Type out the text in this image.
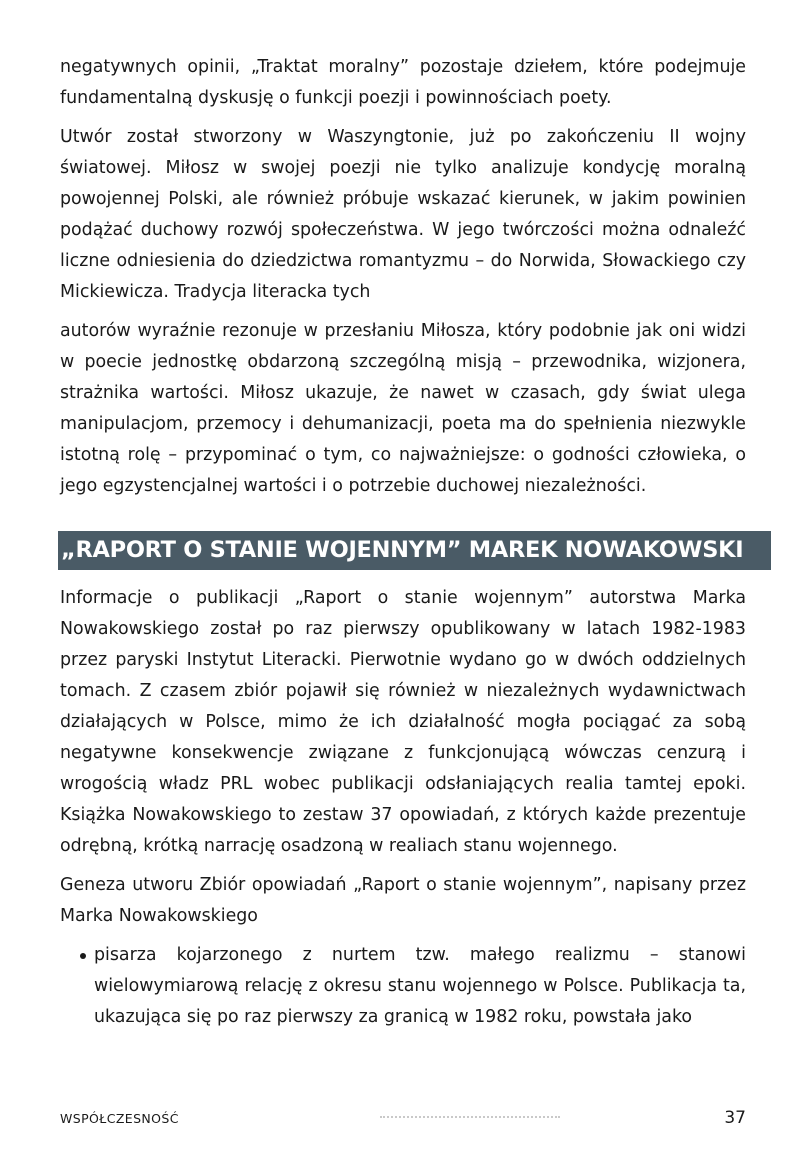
negatywnych opinii, „Traktat moralny” pozostaje dziełem, które podejmuje fundamentalną dyskusję o funkcji poezji i powinnościach poety.

Utwór został stworzony w Waszyngtonie, już po zakończeniu II wojny światowej. Miłosz w swojej poezji nie tylko analizuje kondycję moralną powojennej Polski, ale również próbuje wskazać kierunek, w jakim powinien podążać duchowy rozwój społeczeństwa. W jego twórczości można odnaleźć liczne odniesienia do dziedzictwa romantyzmu – do Norwida, Słowackiego czy Mickiewicza. Tradycja literacka tych

autorów wyraźnie rezonuje w przesłaniu Miłosza, który podobnie jak oni widzi w poecie jednostkę obdarzoną szczególną misją – przewodnika, wizjonera, strażnika wartości. Miłosz ukazuje, że nawet w czasach, gdy świat ulega manipulacjom, przemocy i dehumanizacji, poeta ma do spełnienia niezwykle istotną rolę – przypominać o tym, co najważniejsze: o godności człowieka, o jego egzystencjalnej wartości i o potrzebie duchowej niezależności.

„RAPORT O STANIE WOJENNYM” MAREK NOWAKOWSKI

Informacje o publikacji „Raport o stanie wojennym” autorstwa Marka Nowakowskiego został po raz pierwszy opublikowany w latach 1982-1983 przez paryski Instytut Literacki. Pierwotnie wydano go w dwóch oddzielnych tomach. Z czasem zbiór pojawił się również w niezależnych wydawnictwach działających w Polsce, mimo że ich działalność mogła pociągać za sobą negatywne konsekwencje związane z funkcjonującą wówczas cenzurą i wrogością władz PRL wobec publikacji odsłaniających realia tamtej epoki. Książka Nowakowskiego to zestaw 37 opowiadań, z których każde prezentuje odrębną, krótką narrację osadzoną w realiach stanu wojennego.

Geneza utworu Zbiór opowiadań „Raport o stanie wojennym”, napisany przez Marka Nowakowskiego

pisarza kojarzonego z nurtem tzw. małego realizmu – stanowi wielowymiarową relację z okresu stanu wojennego w Polsce. Publikacja ta, ukazująca się po raz pierwszy za granicą w 1982 roku, powstała jako
WSPÓŁCZESNOŚĆ	37
